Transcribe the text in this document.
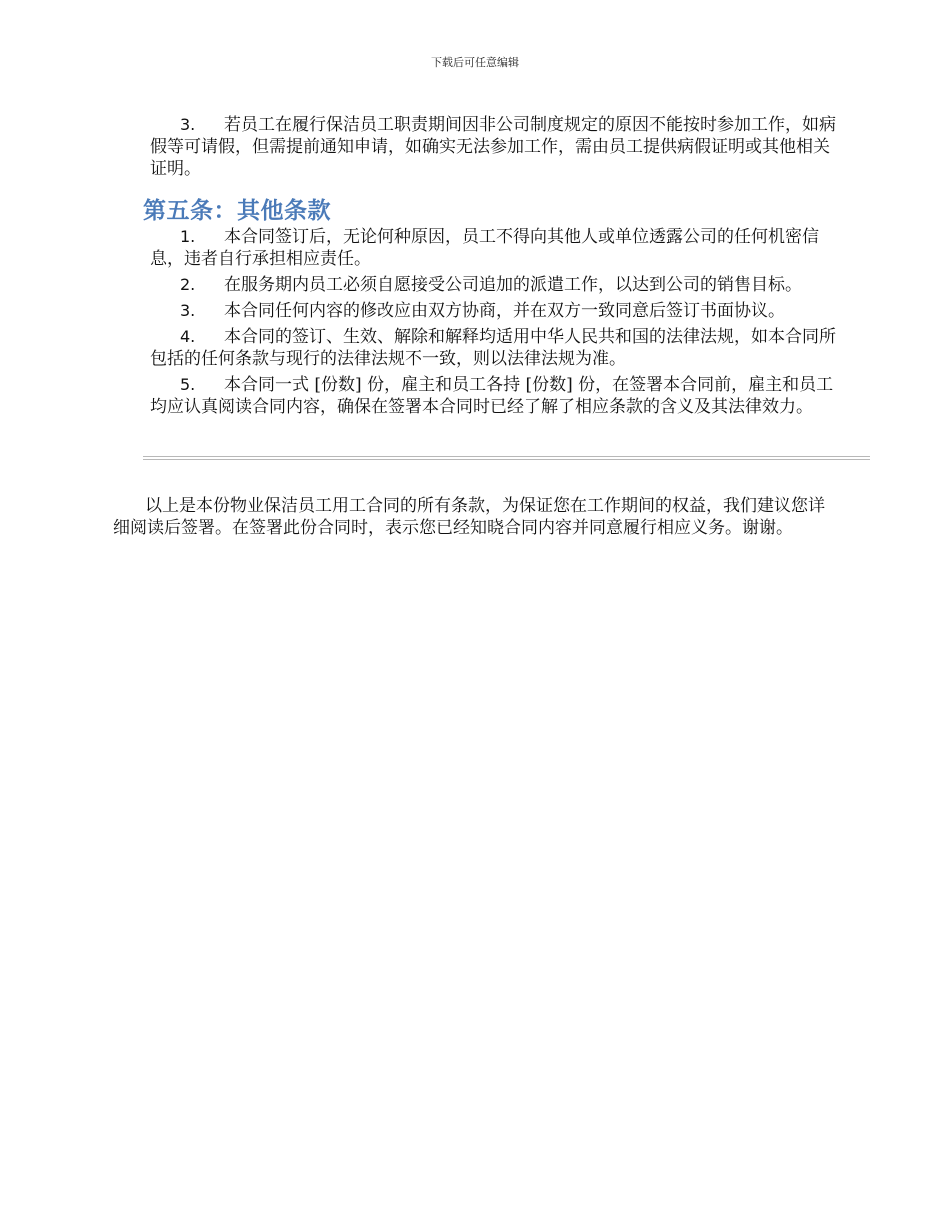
下载后可任意编辑

3. 若员工在履行保洁员工职责期间因非公司制度规定的原因不能按时参加工作，如病假等可请假，但需提前通知申请，如确实无法参加工作，需由员工提供病假证明或其他相关证明。

第五条：其他条款

1. 本合同签订后，无论何种原因，员工不得向其他人或单位透露公司的任何机密信息，违者自行承担相应责任。

2. 在服务期内员工必须自愿接受公司追加的派遣工作，以达到公司的销售目标。

3. 本合同任何内容的修改应由双方协商，并在双方一致同意后签订书面协议。

4. 本合同的签订、生效、解除和解释均适用中华人民共和国的法律法规，如本合同所包括的任何条款与现行的法律法规不一致，则以法律法规为准。

5. 本合同一式 [份数] 份，雇主和员工各持 [份数] 份，在签署本合同前，雇主和员工均应认真阅读合同内容，确保在签署本合同时已经了解了相应条款的含义及其法律效力。

以上是本份物业保洁员工用工合同的所有条款，为保证您在工作期间的权益，我们建议您详细阅读后签署。在签署此份合同时，表示您已经知晓合同内容并同意履行相应义务。谢谢。
